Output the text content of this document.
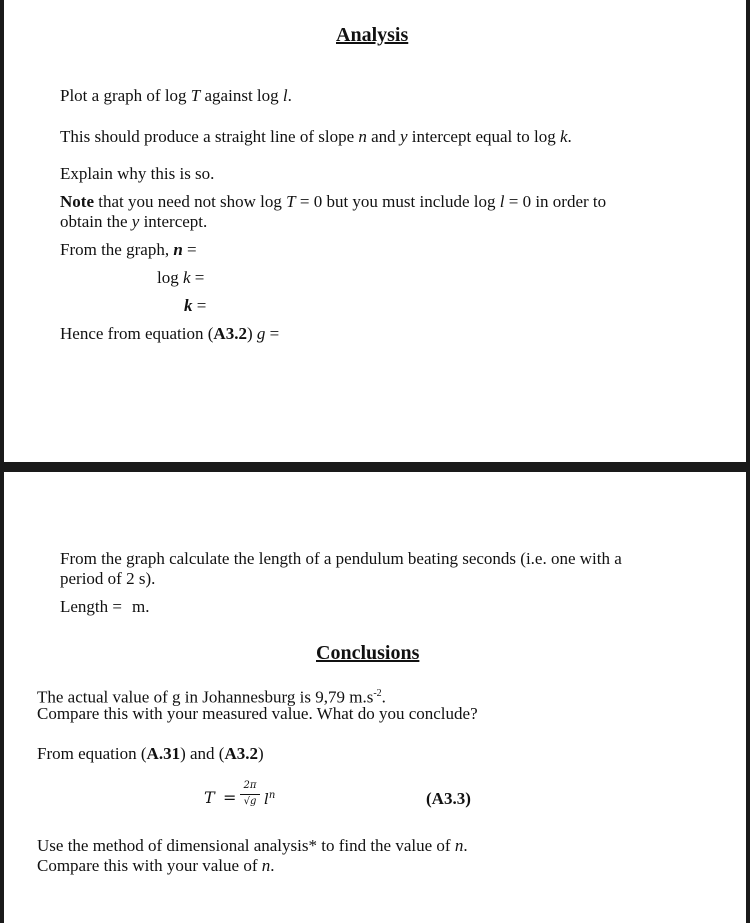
Analysis
Plot a graph of log T against log l.
This should produce a straight line of slope n and y intercept equal to log k.
Explain why this is so.
Note that you need not show log T = 0 but you must include log l = 0 in order to
obtain the y intercept.
From the graph, n =
log k =
k =
Hence from equation (A3.2) g =
From the graph calculate the length of a pendulum beating seconds (i.e. one with a
period of 2 s).
Length = m.
Conclusions
The actual value of g in Johannesburg is 9,79 $m.s^{-2}$.
Compare this with your measured value. What do you conclude?
From equation (A.31) and (A3.2)
T =
2π
√g $l^n$	(A3.3)
Use the method of dimensional analysis* to find the value of n.
Compare this with your value of n.
